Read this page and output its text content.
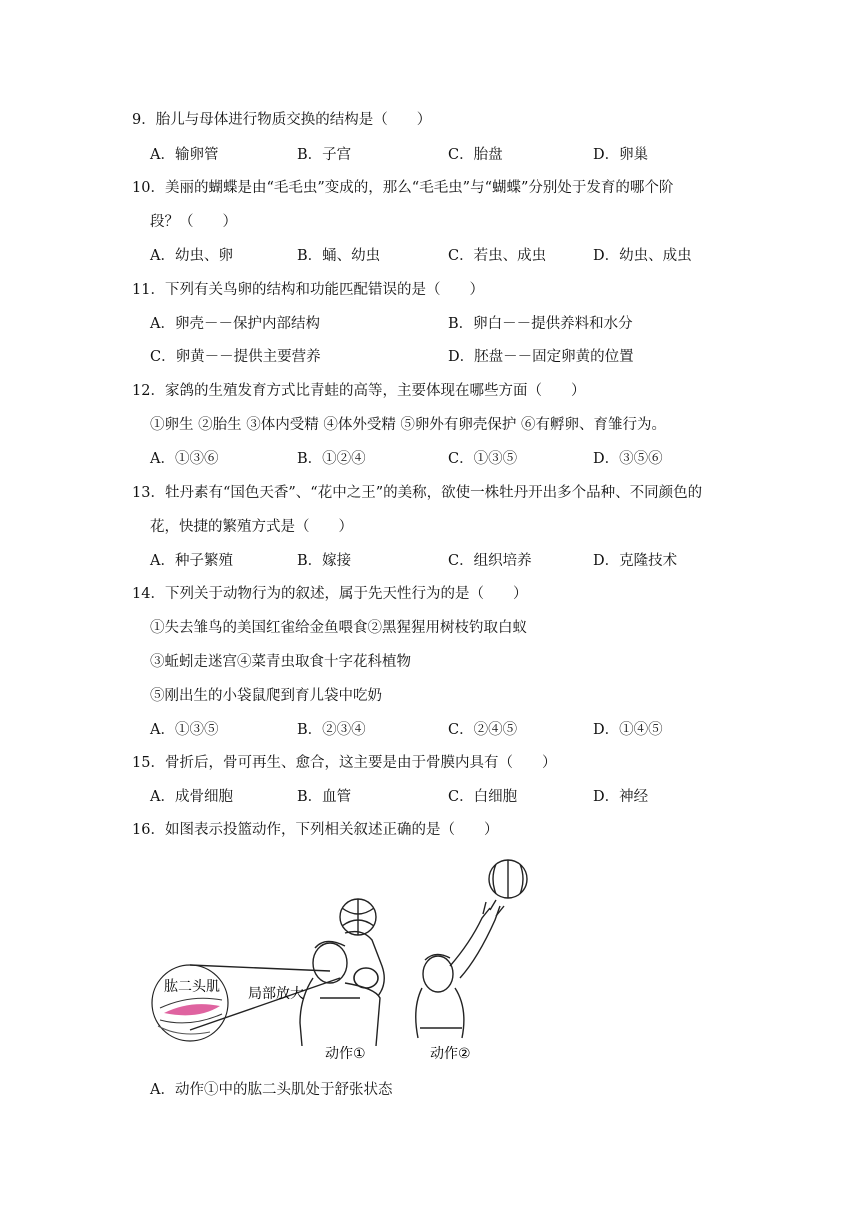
9．胎儿与母体进行物质交换的结构是（　　）
A．输卵管	B．子宫	C．胎盘	D．卵巢
10．美丽的蝴蝶是由“毛毛虫”变成的，那么“毛毛虫”与“蝴蝶”分别处于发育的哪个阶
段？（　　）
A．幼虫、卵	B．蛹、幼虫	C．若虫、成虫	D．幼虫、成虫
11．下列有关鸟卵的结构和功能匹配错误的是（　　）
A．卵壳－－保护内部结构	B．卵白－－提供养料和水分
C．卵黄－－提供主要营养	D．胚盘－－固定卵黄的位置
12．家鸽的生殖发育方式比青蛙的高等，主要体现在哪些方面（　　）
①卵生 ②胎生 ③体内受精 ④体外受精 ⑤卵外有卵壳保护 ⑥有孵卵、育雏行为。
A．①③⑥	B．①②④	C．①③⑤	D．③⑤⑥
13．牡丹素有“国色天香”、“花中之王”的美称，欲使一株牡丹开出多个品种、不同颜色的
花，快捷的繁殖方式是（　　）
A．种子繁殖	B．嫁接	C．组织培养	D．克隆技术
14．下列关于动物行为的叙述，属于先天性行为的是（　　）
①失去雏鸟的美国红雀给金鱼喂食②黑猩猩用树枝钓取白蚁
③蚯蚓走迷宫④菜青虫取食十字花科植物
⑤刚出生的小袋鼠爬到育儿袋中吃奶
A．①③⑤	B．②③④	C．②④⑤	D．①④⑤
15．骨折后，骨可再生、愈合，这主要是由于骨膜内具有（　　）
A．成骨细胞	B．血管	C．白细胞	D．神经
16．如图表示投篮动作，下列相关叙述正确的是（　　）
肱二头肌 局部放大
动作①	动作②
A．动作①中的肱二头肌处于舒张状态
